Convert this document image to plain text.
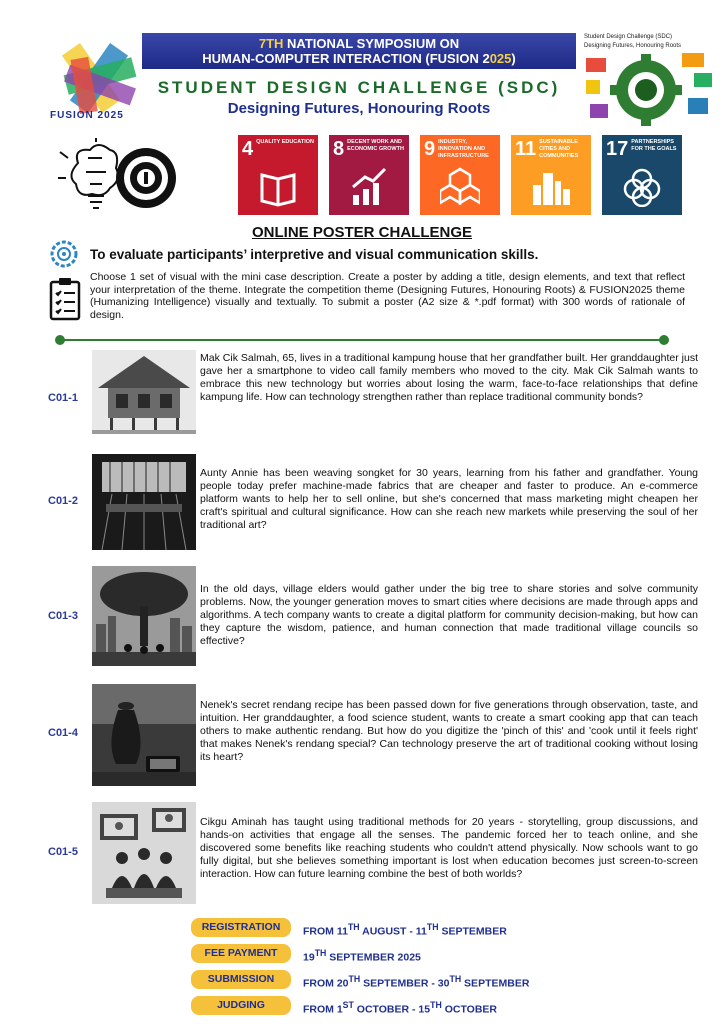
FUSION 2025
7TH NATIONAL SYMPOSIUM ON
HUMAN-COMPUTER INTERACTION (FUSION 2025)
STUDENT DESIGN CHALLENGE (SDC)
Designing Futures, Honouring Roots
Student Design Challenge (SDC)
Designing Futures, Honouring Roots
4 QUALITY EDUCATION 8 DECENT WORK AND ECONOMIC GROWTH 9 INDUSTRY, INNOVATION AND INFRASTRUCTURE	11 SUSTAINABLE CITIES AND COMMUNITIES	17 PARTNERSHIPS FOR THE GOALS
ONLINE POSTER CHALLENGE
To evaluate participants’ interpretive and visual communication skills.
Choose 1 set of visual with the mini case description. Create a poster by adding a title, design elements, and text that reflect your interpretation of the theme. Integrate the competition theme (Designing Futures, Honouring Roots) & FUSION2025 theme (Humanizing Intelligence) visually and textually. To submit a poster (A2 size & *.pdf format) with 300 words of rationale of design.
C01-1
Mak Cik Salmah, 65, lives in a traditional kampung house that her grandfather built. Her granddaughter just gave her a smartphone to video call family members who moved to the city. Mak Cik Salmah wants to embrace this new technology but worries about losing the warm, face-to-face relationships that define kampung life. How can technology strengthen rather than replace traditional community bonds?
C01-2
Aunty Annie has been weaving songket for 30 years, learning from his father and grandfather. Young people today prefer machine-made fabrics that are cheaper and faster to produce. An e-commerce platform wants to help her to sell online, but she's concerned that mass marketing might cheapen her craft's spiritual and cultural significance. How can she reach new markets while preserving the soul of her traditional art?
C01-3
In the old days, village elders would gather under the big tree to share stories and solve community problems. Now, the younger generation moves to smart cities where decisions are made through apps and algorithms. A tech company wants to create a digital platform for community decision-making, but how can they capture the wisdom, patience, and human connection that made traditional village councils so effective?
C01-4
Nenek's secret rendang recipe has been passed down for five generations through observation, taste, and intuition. Her granddaughter, a food science student, wants to create a smart cooking app that can teach others to make authentic rendang. But how do you digitize the 'pinch of this' and 'cook until it feels right' that makes Nenek's rendang special? Can technology preserve the art of traditional cooking without losing its heart?
C01-5
Cikgu Aminah has taught using traditional methods for 20 years - storytelling, group discussions, and hands-on activities that engage all the senses. The pandemic forced her to teach online, and she discovered some benefits like reaching students who couldn't attend physically. Now schools want to go fully digital, but she believes something important is lost when education becomes just screen-to-screen interaction. How can future learning combine the best of both worlds?
REGISTRATION	FROM 11TH AUGUST - 11TH SEPTEMBER
FEE PAYMENT	19TH SEPTEMBER 2025
SUBMISSION	FROM 20TH SEPTEMBER - 30TH SEPTEMBER
JUDGING	FROM 1ST OCTOBER - 15TH OCTOBER
